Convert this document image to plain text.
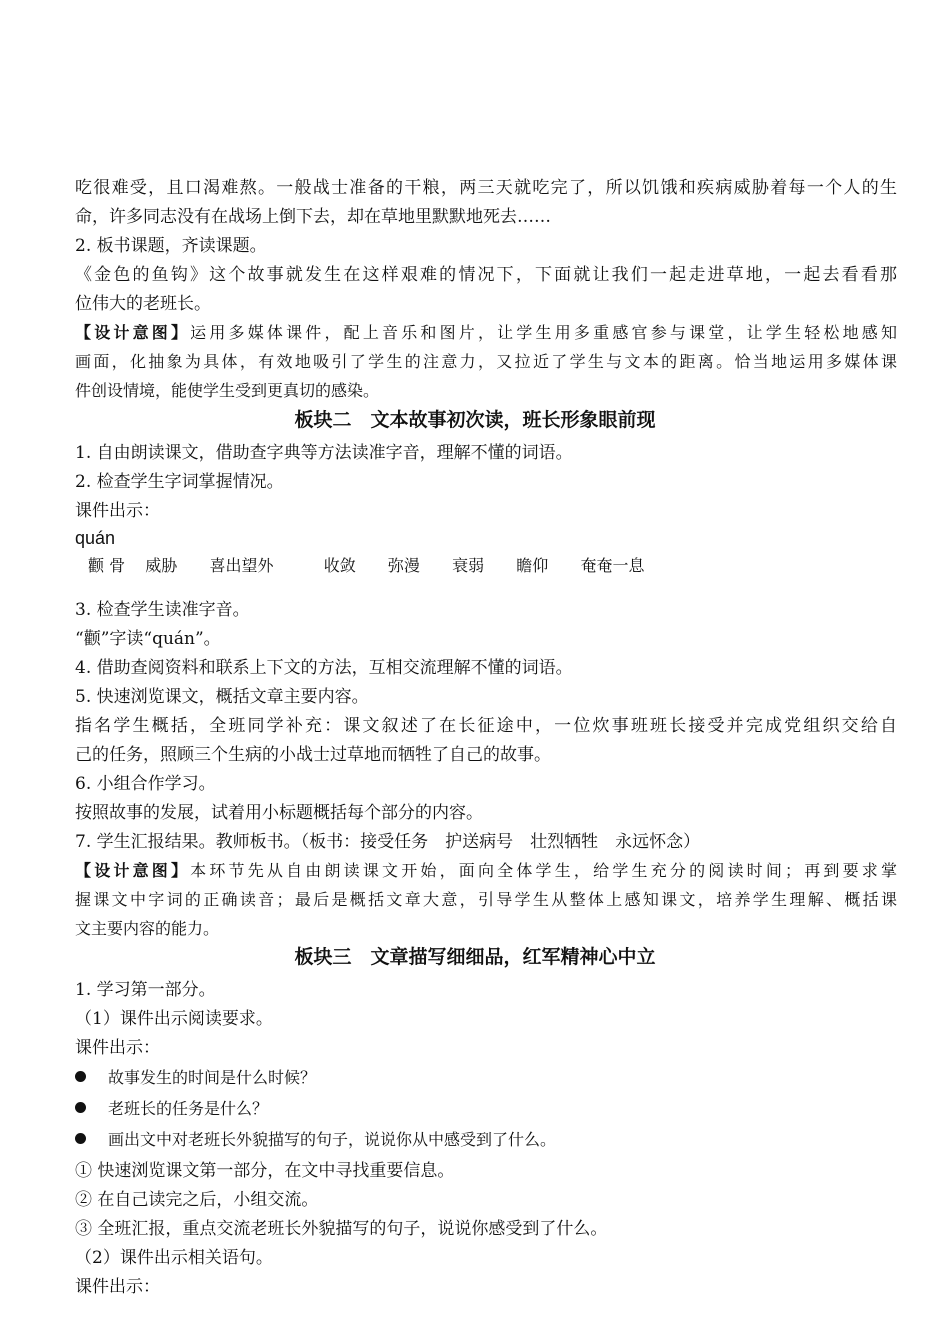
吃很难受，且口渴难熬。一般战士准备的干粮，两三天就吃完了，所以饥饿和疾病威胁着每一个人的生
命，许多同志没有在战场上倒下去，却在草地里默默地死去……
2. 板书课题，齐读课题。
《金色的鱼钩》这个故事就发生在这样艰难的情况下，下面就让我们一起走进草地，一起去看看那
位伟大的老班长。
【设计意图】运用多媒体课件，配上音乐和图片，让学生用多重感官参与课堂，让学生轻松地感知
画面，化抽象为具体，有效地吸引了学生的注意力，又拉近了学生与文本的距离。恰当地运用多媒体课
件创设情境，能使学生受到更真切的感染。
板块二　文本故事初次读，班长形象眼前现
1. 自由朗读课文，借助查字典等方法读准字音，理解不懂的词语。
2. 检查学生字词掌握情况。
课件出示：
quán
颧 骨 威胁 喜出望外	收敛 弥漫 衰弱 瞻仰 奄奄一息
3. 检查学生读准字音。
“颧”字读“quán”。
4. 借助查阅资料和联系上下文的方法，互相交流理解不懂的词语。
5. 快速浏览课文，概括文章主要内容。
指名学生概括，全班同学补充：课文叙述了在长征途中，一位炊事班班长接受并完成党组织交给自
己的任务，照顾三个生病的小战士过草地而牺牲了自己的故事。
6. 小组合作学习。
按照故事的发展，试着用小标题概括每个部分的内容。
7. 学生汇报结果。教师板书。（板书：接受任务　护送病号　壮烈牺牲　永远怀念）
【设计意图】本环节先从自由朗读课文开始，面向全体学生，给学生充分的阅读时间；再到要求掌
握课文中字词的正确读音；最后是概括文章大意，引导学生从整体上感知课文，培养学生理解、概括课
文主要内容的能力。
板块三　文章描写细细品，红军精神心中立
1. 学习第一部分。
（1）课件出示阅读要求。
课件出示：
故事发生的时间是什么时候？
老班长的任务是什么？
画出文中对老班长外貌描写的句子，说说你从中感受到了什么。
① 快速浏览课文第一部分，在文中寻找重要信息。
② 在自己读完之后，小组交流。
③ 全班汇报，重点交流老班长外貌描写的句子，说说你感受到了什么。
（2）课件出示相关语句。
课件出示：
